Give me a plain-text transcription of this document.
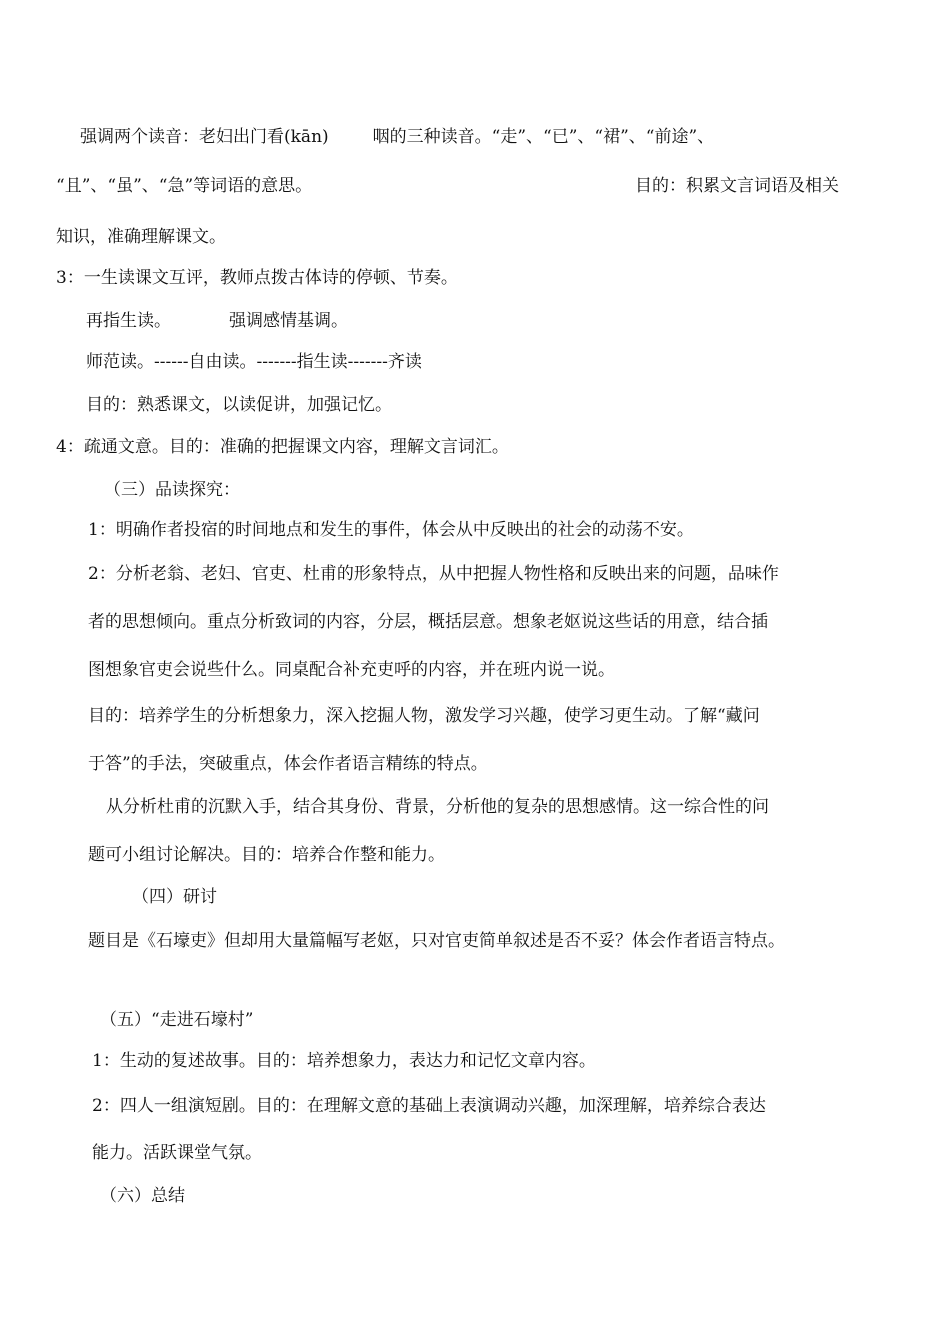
强调两个读音：老妇出门看(kān)	咽的三种读音。“走”、“已”、“裙”、“前途”、
“且”、“虽”、“急”等词语的意思。	目的：积累文言词语及相关
知识，准确理解课文。
3：一生读课文互评，教师点拨古体诗的停顿、节奏。
再指生读。	强调感情基调。
师范读。------自由读。-------指生读-------齐读
目的：熟悉课文，以读促讲，加强记忆。
4：疏通文意。目的：准确的把握课文内容，理解文言词汇。
（三）品读探究：
1：明确作者投宿的时间地点和发生的事件，体会从中反映出的社会的动荡不安。
2：分析老翁、老妇、官吏、杜甫的形象特点，从中把握人物性格和反映出来的问题，品味作
者的思想倾向。重点分析致词的内容，分层，概括层意。想象老妪说这些话的用意，结合插
图想象官吏会说些什么。同桌配合补充吏呼的内容，并在班内说一说。
目的：培养学生的分析想象力，深入挖掘人物，激发学习兴趣，使学习更生动。了解“藏问
于答”的手法，突破重点，体会作者语言精练的特点。
从分析杜甫的沉默入手，结合其身份、背景，分析他的复杂的思想感情。这一综合性的问
题可小组讨论解决。目的：培养合作整和能力。
（四）研讨
题目是《石壕吏》但却用大量篇幅写老妪，只对官吏简单叙述是否不妥？体会作者语言特点。
（五）“走进石壕村”
1：生动的复述故事。目的：培养想象力，表达力和记忆文章内容。
2：四人一组演短剧。目的：在理解文意的基础上表演调动兴趣，加深理解，培养综合表达
能力。活跃课堂气氛。
（六）总结
